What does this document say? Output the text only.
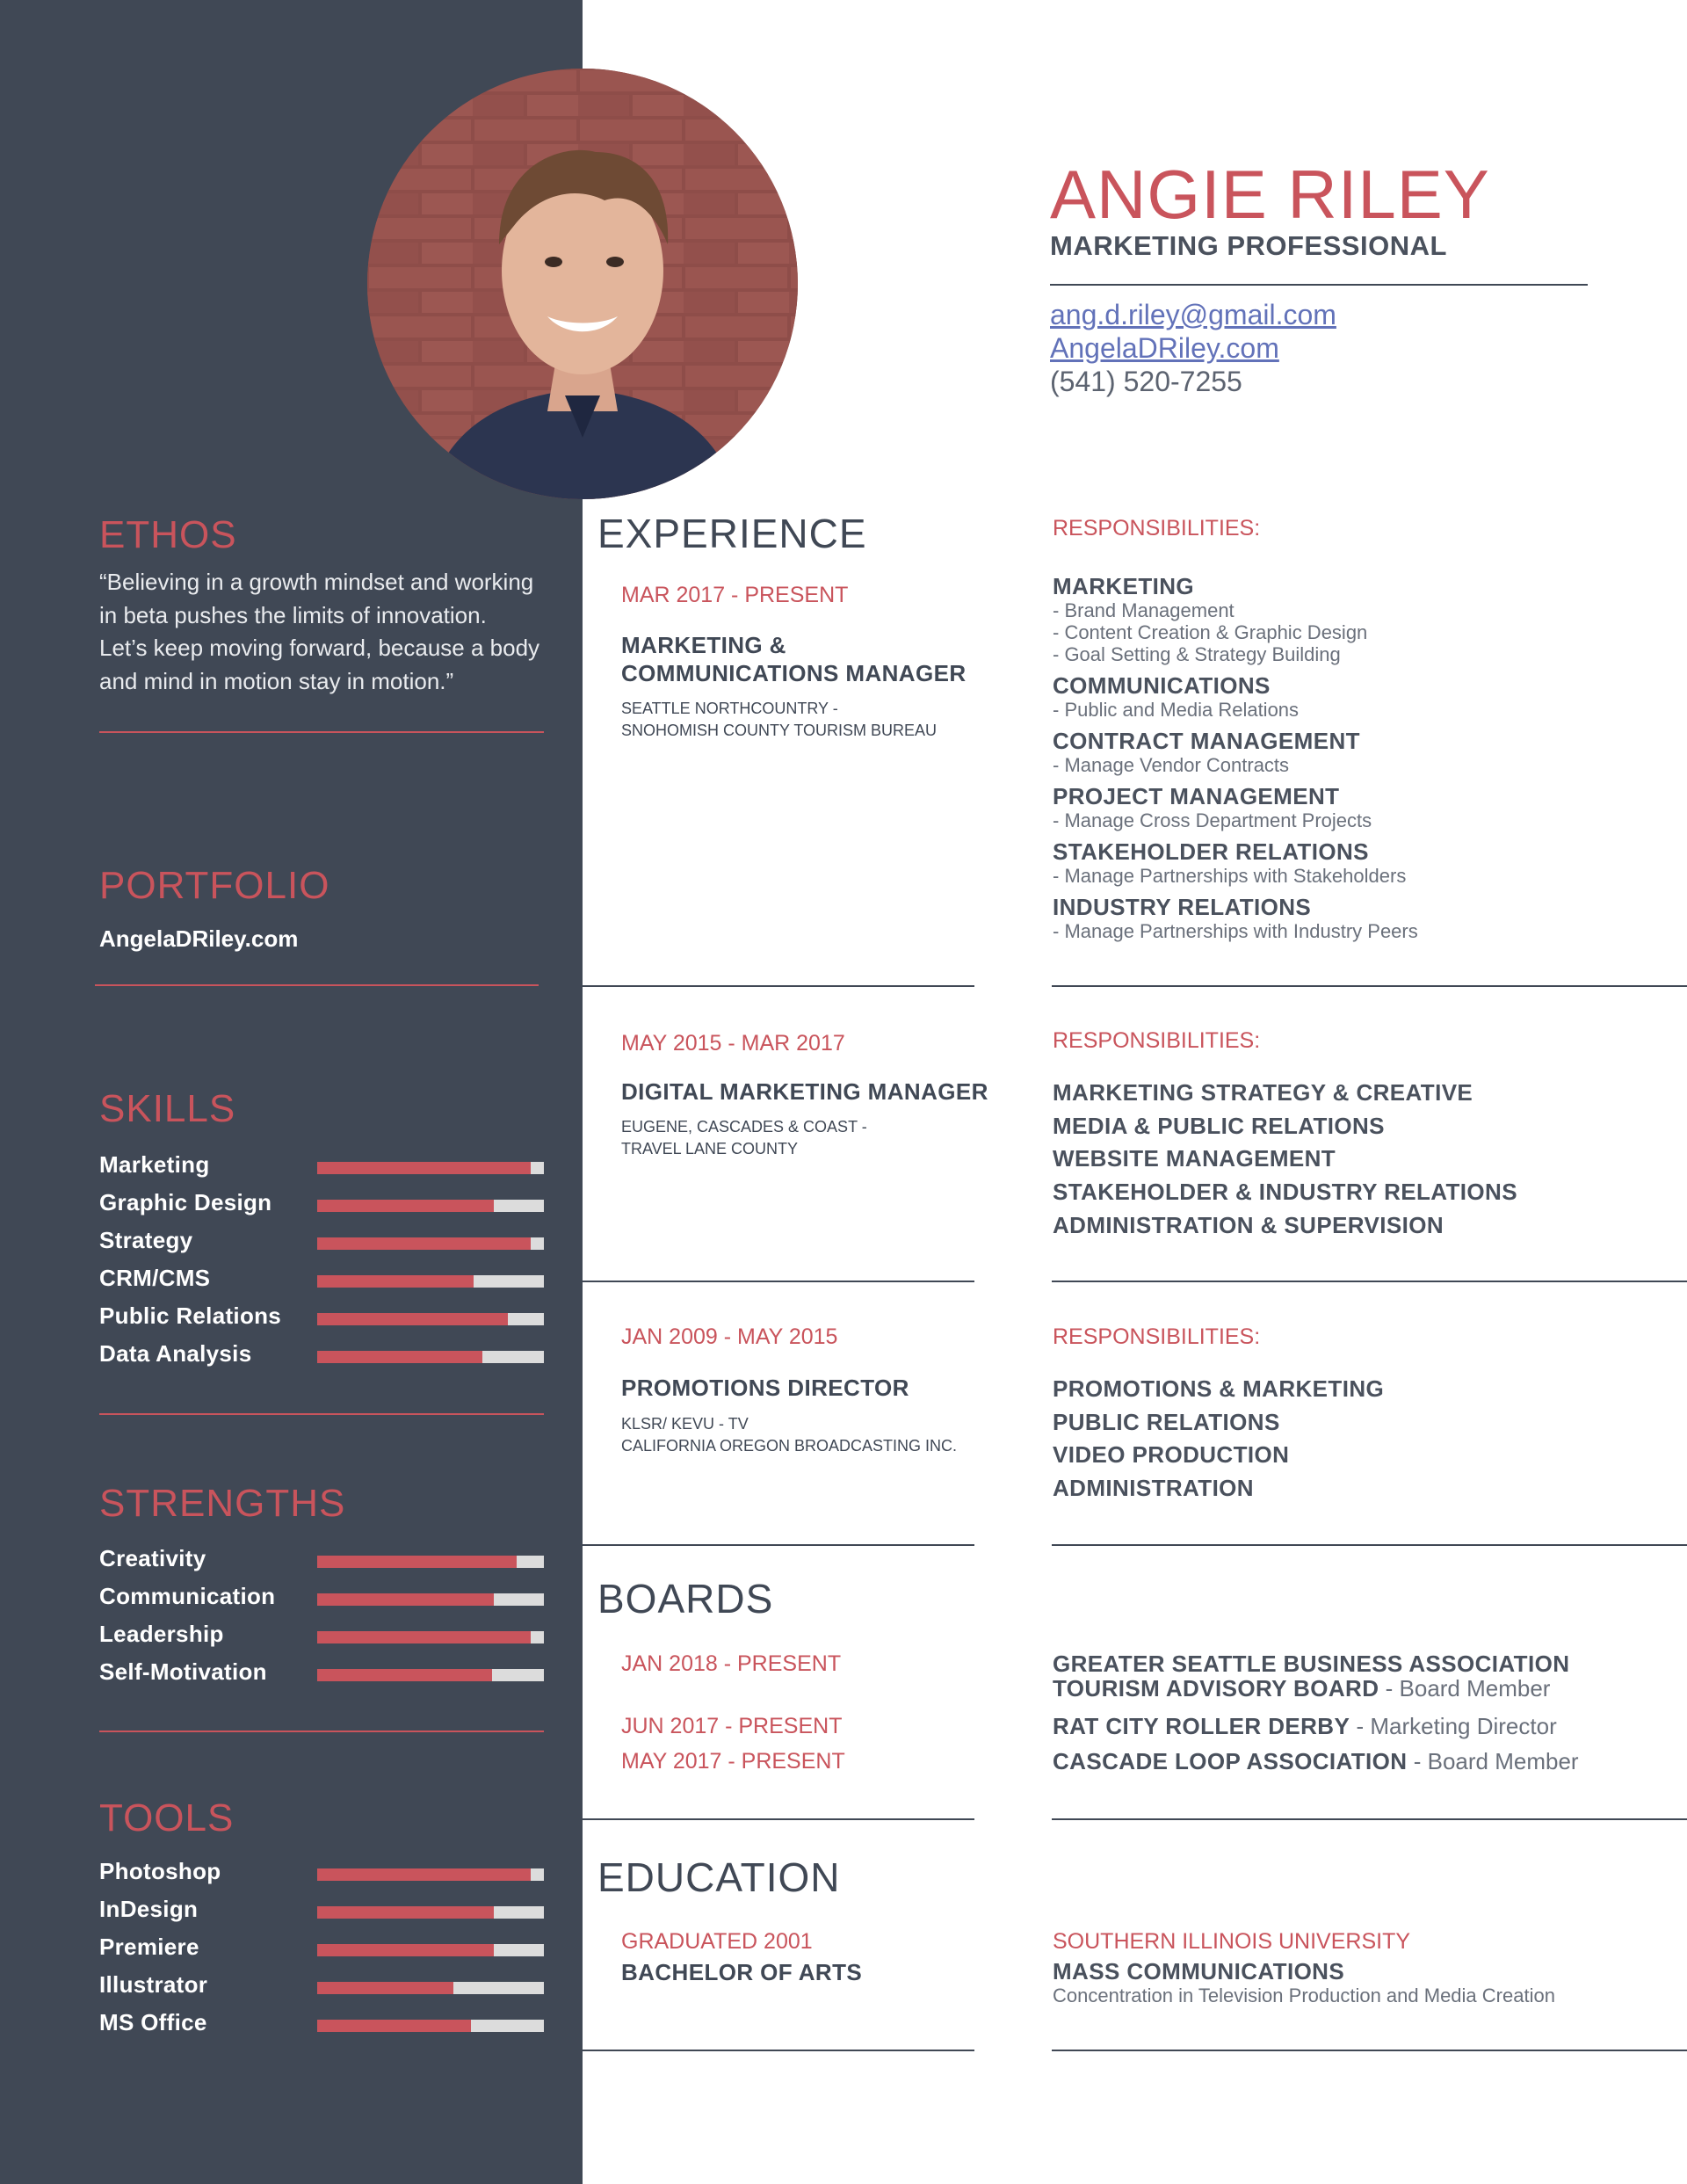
ETHOS
“Believing in a growth mindset and working
in beta pushes the limits of innovation.
Let’s keep moving forward, because a body
and mind in motion stay in motion.”
PORTFOLIO
AngelaDRiley.com
SKILLS
Marketing
Graphic Design
Strategy
CRM/CMS
Public Relations
Data Analysis
STRENGTHS
Creativity
Communication
Leadership
Self-Motivation
TOOLS
Photoshop
InDesign
Premiere
Illustrator
MS Office
ANGIE RILEY
MARKETING PROFESSIONAL
ang.d.riley@gmail.com
AngelaDRiley.com
(541) 520-7255
EXPERIENCE
MAR 2017 - PRESENT
MARKETING &
COMMUNICATIONS MANAGER
SEATTLE NORTHCOUNTRY -
SNOHOMISH COUNTY TOURISM BUREAU
RESPONSIBILITIES:
MARKETING
- Brand Management
- Content Creation & Graphic Design
- Goal Setting & Strategy Building
COMMUNICATIONS
- Public and Media Relations
CONTRACT MANAGEMENT
- Manage Vendor Contracts
PROJECT MANAGEMENT
- Manage Cross Department Projects
STAKEHOLDER RELATIONS
- Manage Partnerships with Stakeholders
INDUSTRY RELATIONS
- Manage Partnerships with Industry Peers
MAY 2015 - MAR 2017
DIGITAL MARKETING MANAGER
EUGENE, CASCADES & COAST -
TRAVEL LANE COUNTY
RESPONSIBILITIES:
MARKETING STRATEGY & CREATIVE
MEDIA & PUBLIC RELATIONS
WEBSITE MANAGEMENT
STAKEHOLDER & INDUSTRY RELATIONS
ADMINISTRATION & SUPERVISION
JAN 2009 - MAY 2015
PROMOTIONS DIRECTOR
KLSR/ KEVU - TV
CALIFORNIA OREGON BROADCASTING INC.
RESPONSIBILITIES:
PROMOTIONS & MARKETING
PUBLIC RELATIONS
VIDEO PRODUCTION
ADMINISTRATION
BOARDS
JAN 2018 - PRESENT
JUN 2017 - PRESENT
MAY 2017 - PRESENT
GREATER SEATTLE BUSINESS ASSOCIATION
TOURISM ADVISORY BOARD - Board Member
RAT CITY ROLLER DERBY - Marketing Director
CASCADE LOOP ASSOCIATION - Board Member
EDUCATION
GRADUATED 2001
BACHELOR OF ARTS
SOUTHERN ILLINOIS UNIVERSITY
MASS COMMUNICATIONS
Concentration in Television Production and Media Creation
